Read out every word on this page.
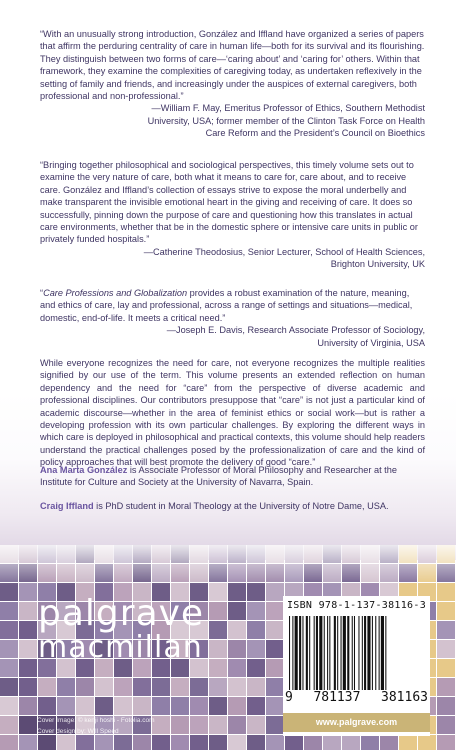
“With an unusually strong introduction, González and Iffland have organized a series of papers that affirm the perduring centrality of care in human life—both for its survival and its flourishing. They distinguish between two forms of care—‘caring about’ and ‘caring for’ others. Within that framework, they examine the complexities of caregiving today, as undertaken reflexively in the setting of family and friends, and increasingly under the auspices of external caregivers, both professional and non-professional.”

—William F. May, Emeritus Professor of Ethics, Southern Methodist
University, USA; former member of the Clinton Task Force on Health
Care Reform and the President’s Council on Bioethics

“Bringing together philosophical and sociological perspectives, this timely volume sets out to examine the very nature of care, both what it means to care for, care about, and to receive care. González and Iffland’s collection of essays strive to expose the moral underbelly and make transparent the invisible emotional heart in the giving and receiving of care. It does so successfully, pinning down the purpose of care and questioning how this translates in actual care environments, whether that be in the domestic sphere or intensive care units in public or privately funded hospitals.”

—Catherine Theodosius, Senior Lecturer, School of Health Sciences,
Brighton University, UK

“Care Professions and Globalization provides a robust examination of the nature, meaning, and ethics of care, lay and professional, across a range of settings and situations—medical, domestic, end-of-life. It meets a critical need.”

—Joseph E. Davis, Research Associate Professor of Sociology,
University of Virginia, USA

While everyone recognizes the need for care, not everyone recognizes the multiple realities signified by our use of the term. This volume presents an extended reflection on human dependency and the need for “care” from the perspective of diverse academic and professional disciplines. Our contributors presuppose that “care” is not just a particular kind of academic discourse—whether in the area of feminist ethics or social work—but is rather a developing profession with its own particular challenges. By exploring the different ways in which care is deployed in philosophical and practical contexts, this volume should help readers understand the practical challenges posed by the professionalization of care and the kind of policy approaches that will best promote the delivery of good “care.”
Ana Marta González is Associate Professor of Moral Philosophy and Researcher at the Institute for Culture and Society at the University of Navarra, Spain.
Craig Iffland is PhD student in Moral Theology at the University of Notre Dame, USA.
palgrave
macmillan
Cover Image: © kenji hoshi - Fotolia.com
Cover design by: Will Speed
ISBN 978-1-137-38116-3
9 781137 381163
www.palgrave.com
